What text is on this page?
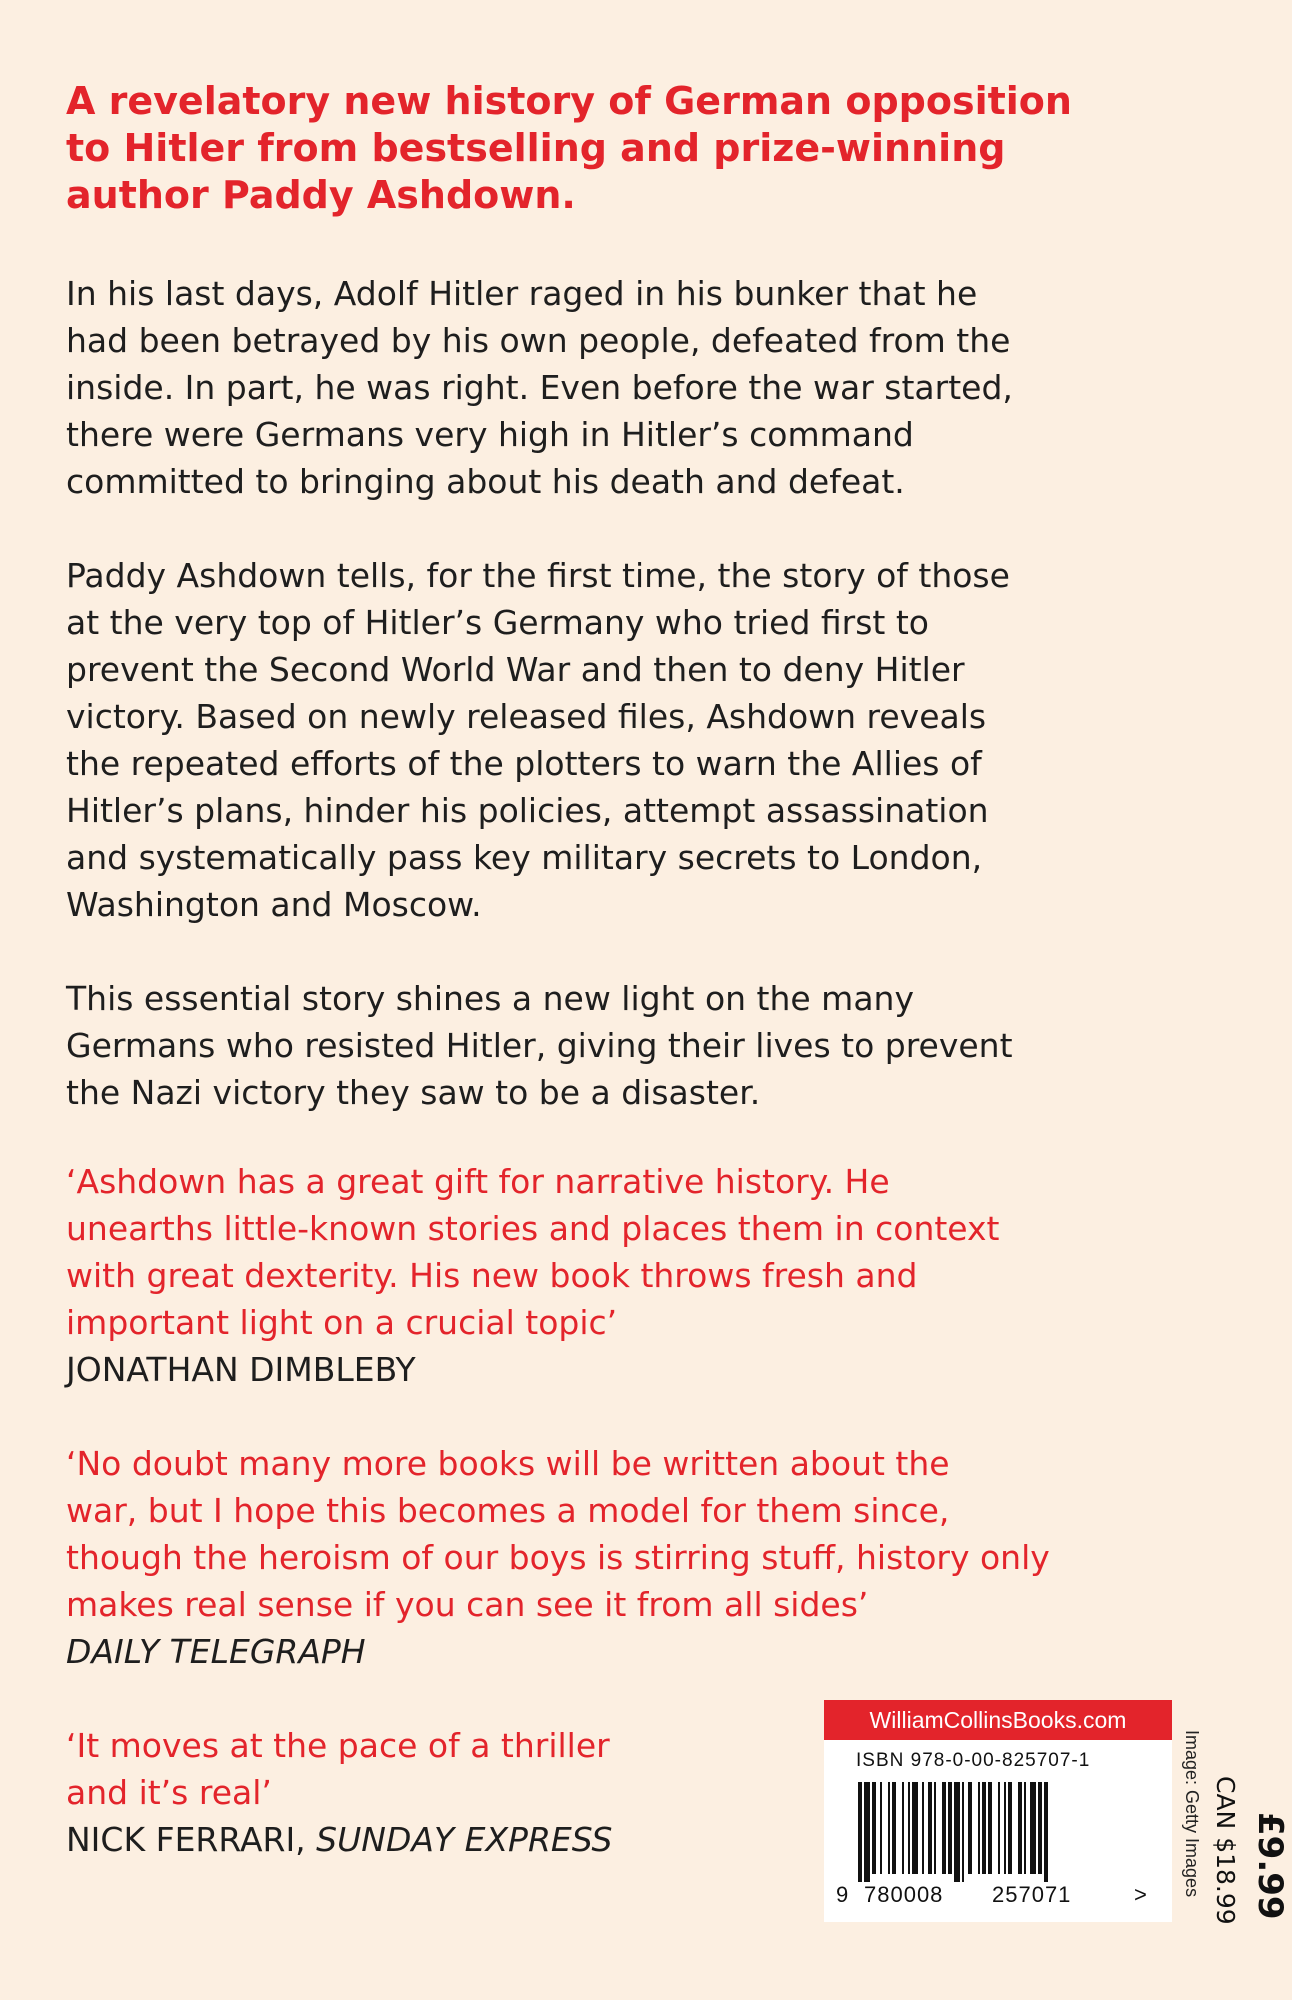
A revelatory new history of German opposition to Hitler from bestselling and prize-winning author Paddy Ashdown.

In his last days, Adolf Hitler raged in his bunker that he
had been betrayed by his own people, defeated from the
inside. In part, he was right. Even before the war started,
there were Germans very high in Hitler’s command
committed to bringing about his death and defeat.

Paddy Ashdown tells, for the first time, the story of those
at the very top of Hitler’s Germany who tried first to
prevent the Second World War and then to deny Hitler
victory. Based on newly released files, Ashdown reveals
the repeated efforts of the plotters to warn the Allies of
Hitler’s plans, hinder his policies, attempt assassination
and systematically pass key military secrets to London,
Washington and Moscow.

This essential story shines a new light on the many
Germans who resisted Hitler, giving their lives to prevent
the Nazi victory they saw to be a disaster.

‘Ashdown has a great gift for narrative history. He
unearths little-known stories and places them in context
with great dexterity. His new book throws fresh and
important light on a crucial topic’
JONATHAN DIMBLEBY
‘No doubt many more books will be written about the
war, but I hope this becomes a model for them since,
though the heroism of our boys is stirring stuff, history only
makes real sense if you can see it from all sides’
DAILY TELEGRAPH
‘It moves at the pace of a thriller
and it’s real’
NICK FERRARI, SUNDAY EXPRESS
WilliamCollinsBooks.com
ISBN 978-0-00-825707-1
9 780008 257071	> Image: Getty Images CAN $18.99 £9.99
